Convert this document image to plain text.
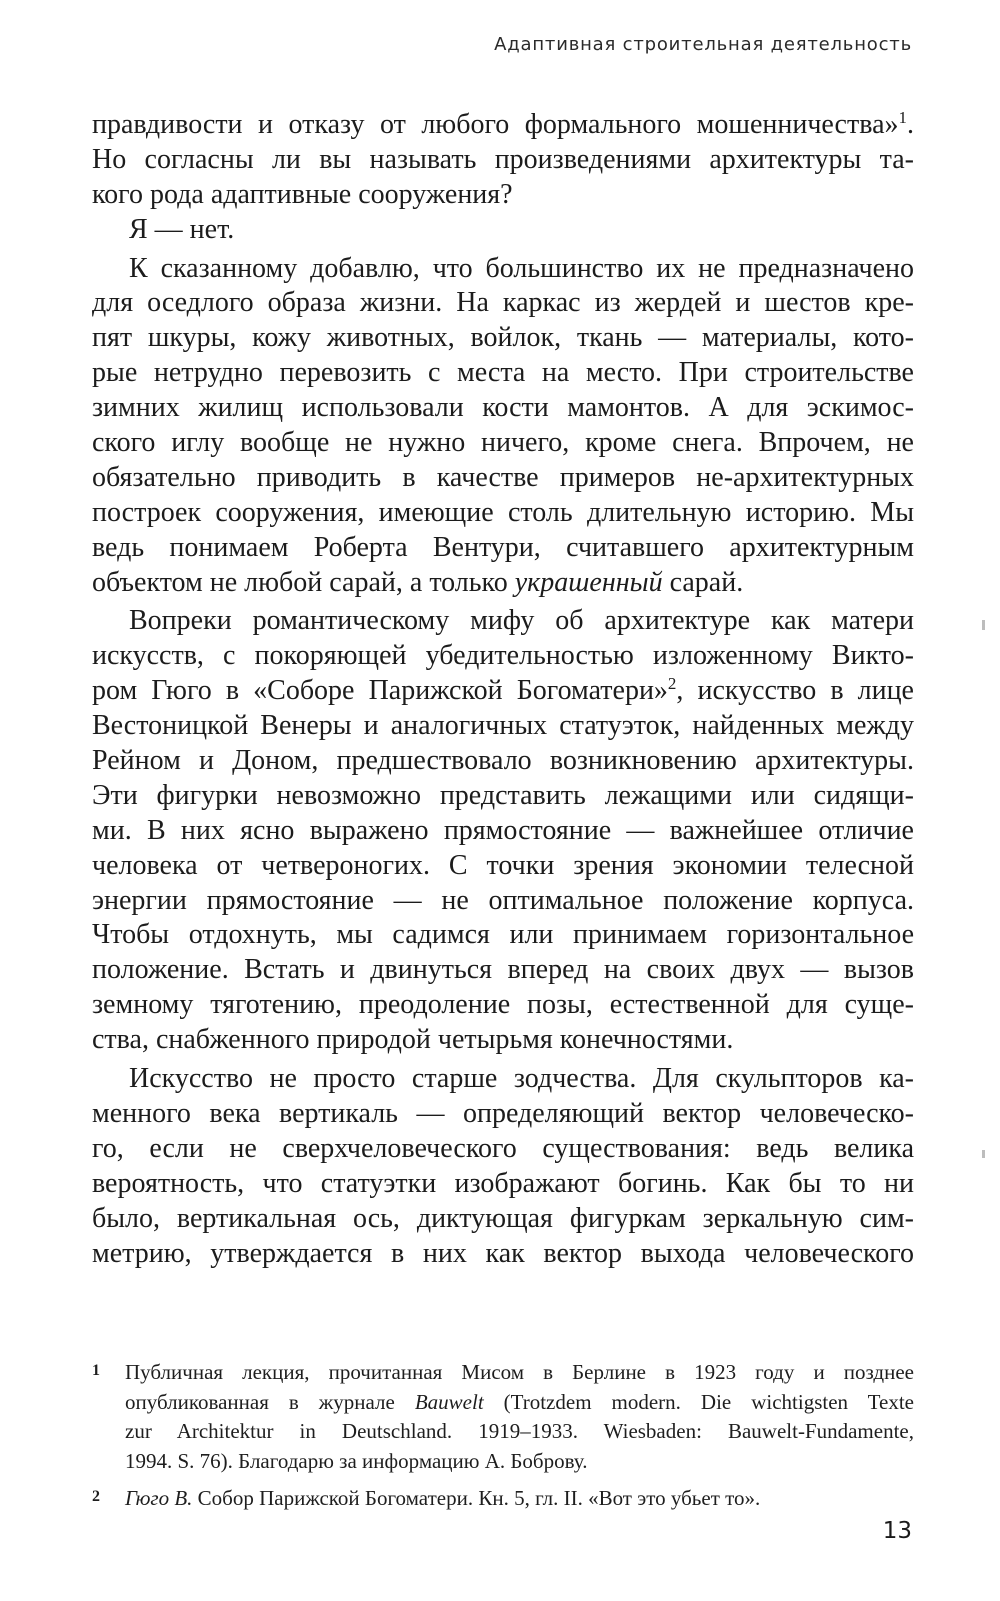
Адаптивная строительная деятельность
правдивости и отказу от любого формального мошенничества»$^1$.
Но согласны ли вы называть произведениями архитектуры та-
кого рода адаптивные сооружения?
Я — нет.
К сказанному добавлю, что большинство их не предназначено
для оседлого образа жизни. На каркас из жердей и шестов кре-
пят шкуры, кожу животных, войлок, ткань — материалы, кото-
рые нетрудно перевозить с места на место. При строительстве
зимних жилищ использовали кости мамонтов. А для эскимос-
ского иглу вообще не нужно ничего, кроме снега. Впрочем, не
обязательно приводить в качестве примеров не-архитектурных
построек сооружения, имеющие столь длительную историю. Мы
ведь понимаем Роберта Вентури, считавшего архитектурным
объектом не любой сарай, а только украшенный сарай.
Вопреки романтическому мифу об архитектуре как матери
искусств, с покоряющей убедительностью изложенному Викто-
ром Гюго в «Соборе Парижской Богоматери»$^2$, искусство в лице
Вестоницкой Венеры и аналогичных статуэток, найденных между
Рейном и Доном, предшествовало возникновению архитектуры.
Эти фигурки невозможно представить лежащими или сидящи-
ми. В них ясно выражено прямостояние — важнейшее отличие
человека от четвероногих. С точки зрения экономии телесной
энергии прямостояние — не оптимальное положение корпуса.
Чтобы отдохнуть, мы садимся или принимаем горизонтальное
положение. Встать и двинуться вперед на своих двух — вызов
земному тяготению, преодоление позы, естественной для суще-
ства, снабженного природой четырьмя конечностями.
Искусство не просто старше зодчества. Для скульпторов ка-
менного века вертикаль — определяющий вектор человеческо-
го, если не сверхчеловеческого существования: ведь велика
вероятность, что статуэтки изображают богинь. Как бы то ни
было, вертикальная ось, диктующая фигуркам зеркальную сим-
метрию, утверждается в них как вектор выхода человеческого
1 Публичная лекция, прочитанная Мисом в Берлине в 1923 году и позднее
опубликованная в журнале Bauwelt (Trotzdem modern. Die wichtigsten Texte
zur Architektur in Deutschland. 1919–1933. Wiesbaden: Bauwelt-Fundamente,
1994. S. 76). Благодарю за информацию А. Боброву.
2 Гюго В. Собор Парижской Богоматери. Кн. 5, гл. II. «Вот это убьет то».
13
